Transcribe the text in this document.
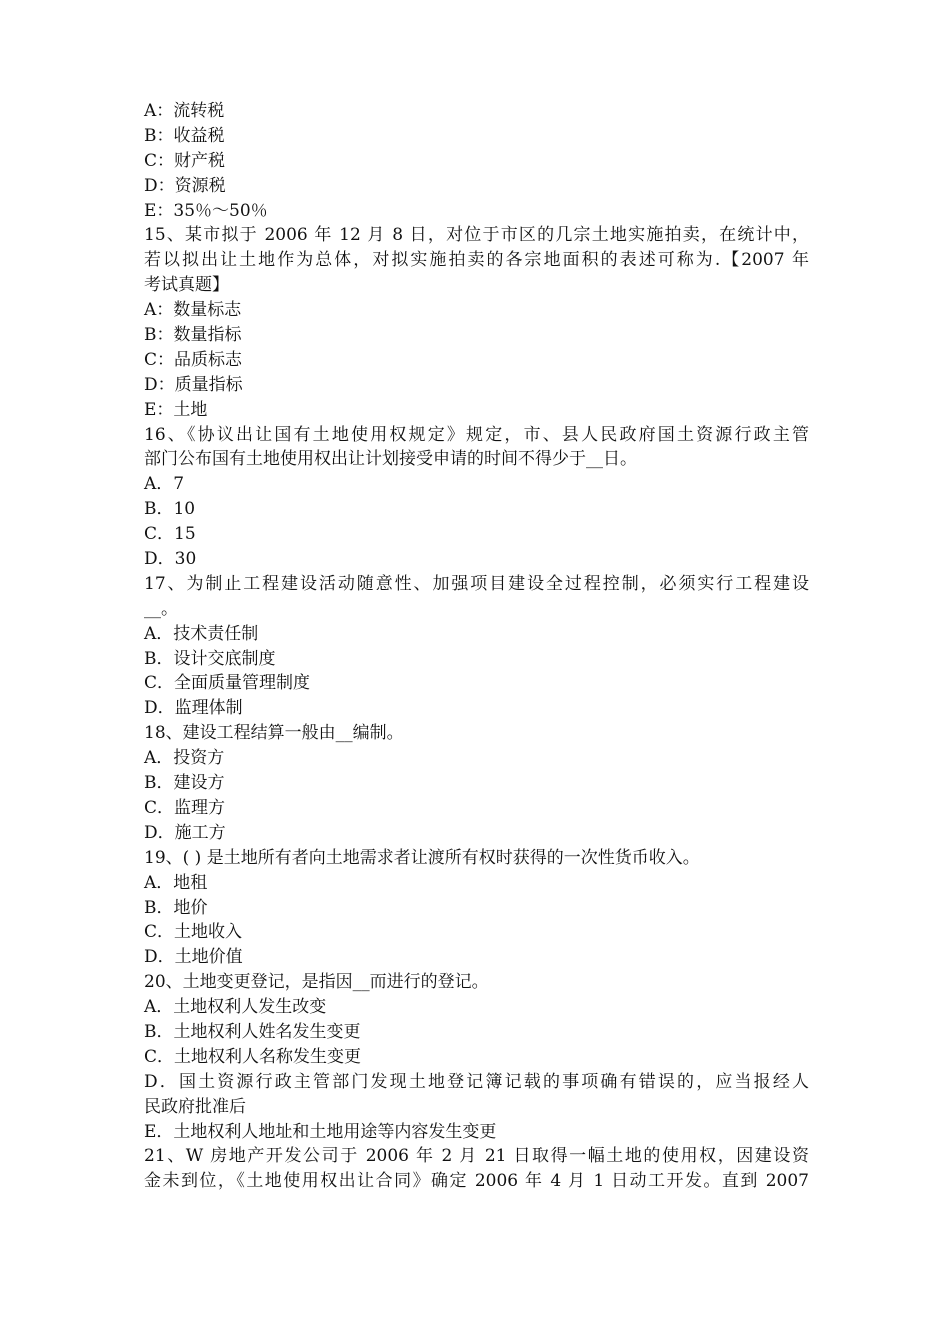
A：流转税
B：收益税
C：财产税
D：资源税
E：35％～50％
15、某市拟于 2006 年 12 月 8 日，对位于市区的几宗土地实施拍卖，在统计中，
若以拟出让土地作为总体，对拟实施拍卖的各宗地面积的表述可称为.【2007 年
考试真题】
A：数量标志
B：数量指标
C：品质标志
D：质量指标
E：土地
16、《协议出让国有土地使用权规定》规定，市、县人民政府国土资源行政主管
部门公布国有土地使用权出让计划接受申请的时间不得少于__日。
A．7
B．10
C．15
D．30
17、为制止工程建设活动随意性、加强项目建设全过程控制，必须实行工程建设
__。
A．技术责任制
B．设计交底制度
C．全面质量管理制度
D．监理体制
18、建设工程结算一般由__编制。
A．投资方
B．建设方
C．监理方
D．施工方
19、( ) 是土地所有者向土地需求者让渡所有权时获得的一次性货币收入。
A．地租
B．地价
C．土地收入
D．土地价值
20、土地变更登记，是指因__而进行的登记。
A．土地权利人发生改变
B．土地权利人姓名发生变更
C．土地权利人名称发生变更
D．国土资源行政主管部门发现土地登记簿记载的事项确有错误的，应当报经人
民政府批准后
E．土地权利人地址和土地用途等内容发生变更
21、W 房地产开发公司于 2006 年 2 月 21 日取得一幅土地的使用权，因建设资
金未到位，《土地使用权出让合同》确定 2006 年 4 月 1 日动工开发。直到 2007
